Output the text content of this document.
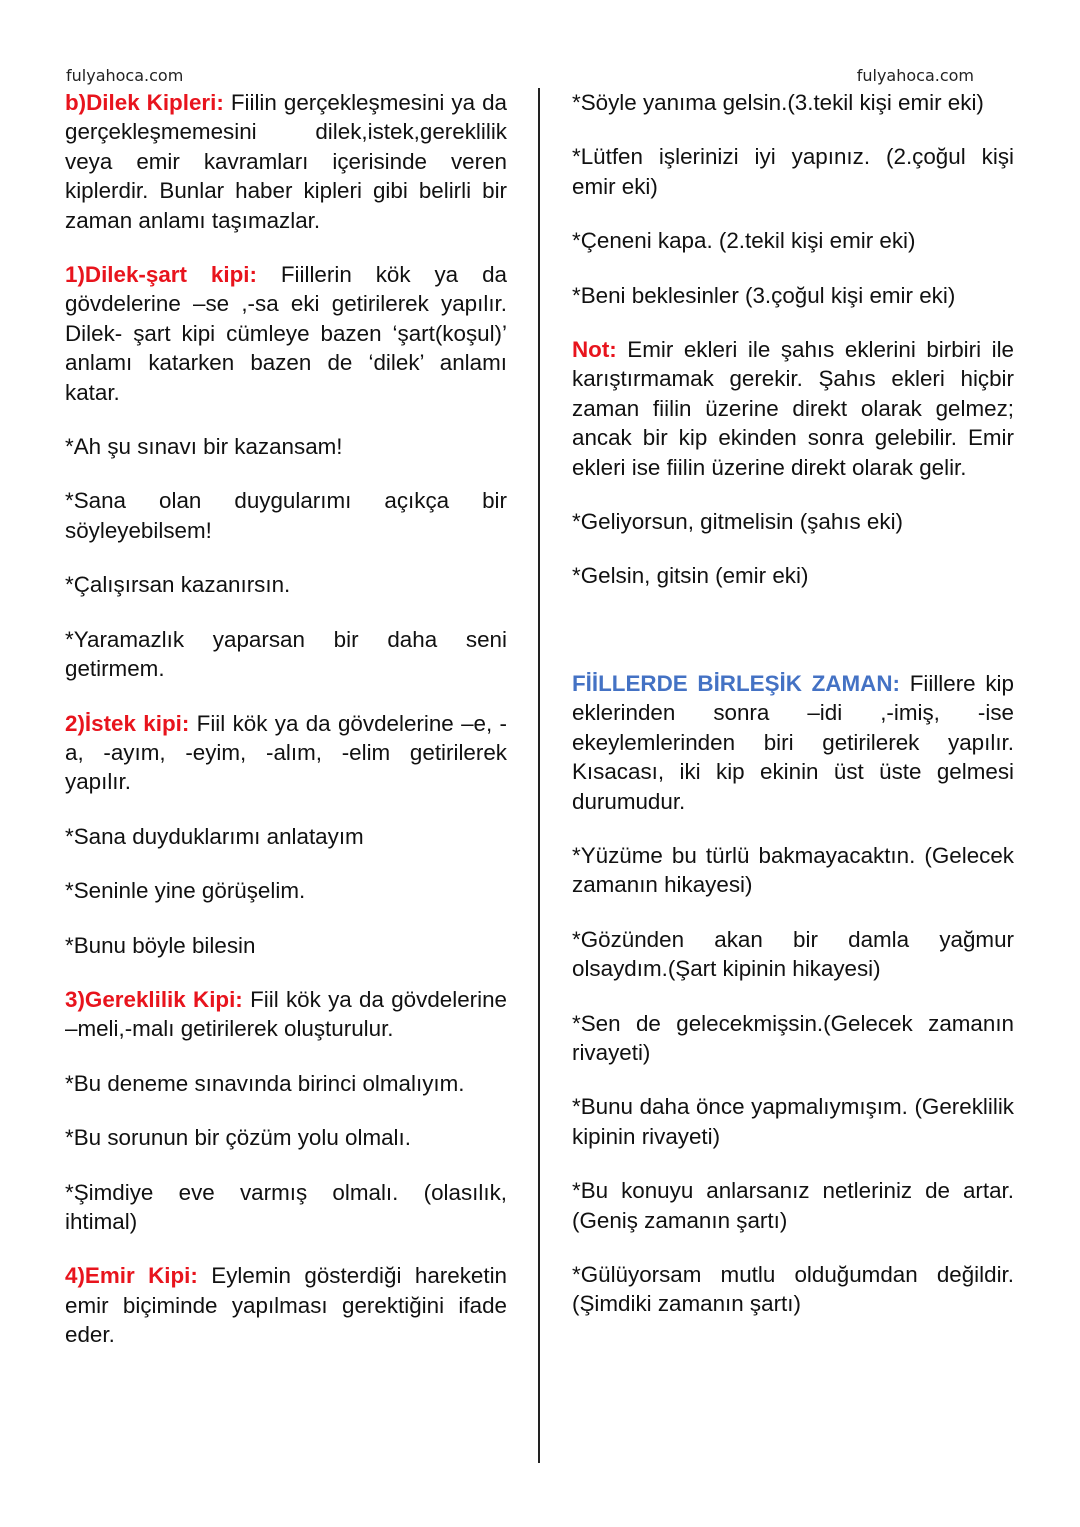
fulyahoca.com	fulyahoca.com

b)Dilek Kipleri: Fiilin gerçekleşmesini ya da gerçekleşmemesini dilek,istek,gereklilik veya emir kavramları içerisinde veren kiplerdir. Bunlar haber kipleri gibi belirli bir zaman anlamı taşımazlar.

1)Dilek-şart kipi: Fiillerin kök ya da gövdelerine –se ,-sa eki getirilerek yapılır. Dilek- şart kipi cümleye bazen ‘şart(koşul)’ anlamı katarken bazen de ‘dilek’ anlamı katar.

*Ah şu sınavı bir kazansam!

*Sana olan duygularımı açıkça bir söyleyebilsem!

*Çalışırsan kazanırsın.

*Yaramazlık yaparsan bir daha seni getirmem.

2)İstek kipi: Fiil kök ya da gövdelerine –e, -a, -ayım, -eyim, -alım, -elim getirilerek yapılır.

*Sana duyduklarımı anlatayım

*Seninle yine görüşelim.

*Bunu böyle bilesin

3)Gereklilik Kipi: Fiil kök ya da gövdelerine –meli,-malı getirilerek oluşturulur.

*Bu deneme sınavında birinci olmalıyım.

*Bu sorunun bir çözüm yolu olmalı.

*Şimdiye eve varmış olmalı. (olasılık, ihtimal)

4)Emir Kipi: Eylemin gösterdiği hareketin emir biçiminde yapılması gerektiğini ifade eder.

*Söyle yanıma gelsin.(3.tekil kişi emir eki)

*Lütfen işlerinizi iyi yapınız. (2.çoğul kişi emir eki)

*Çeneni kapa. (2.tekil kişi emir eki)

*Beni beklesinler (3.çoğul kişi emir eki)

Not: Emir ekleri ile şahıs eklerini birbiri ile karıştırmamak gerekir. Şahıs ekleri hiçbir zaman fiilin üzerine direkt olarak gelmez; ancak bir kip ekinden sonra gelebilir. Emir ekleri ise fiilin üzerine direkt olarak gelir.

*Geliyorsun, gitmelisin (şahıs eki)

*Gelsin, gitsin (emir eki)

FİİLLERDE BİRLEŞİK ZAMAN: Fiillere kip eklerinden sonra –idi ,-imiş, -ise ekeylemlerinden biri getirilerek yapılır. Kısacası, iki kip ekinin üst üste gelmesi durumudur.

*Yüzüme bu türlü bakmayacaktın. (Gelecek zamanın hikayesi)

*Gözünden akan bir damla yağmur olsaydım.(Şart kipinin hikayesi)

*Sen de gelecekmişsin.(Gelecek zamanın rivayeti)

*Bunu daha önce yapmalıymışım. (Gereklilik kipinin rivayeti)

*Bu konuyu anlarsanız netleriniz de artar. (Geniş zamanın şartı)

*Gülüyorsam mutlu olduğumdan değildir. (Şimdiki zamanın şartı)
